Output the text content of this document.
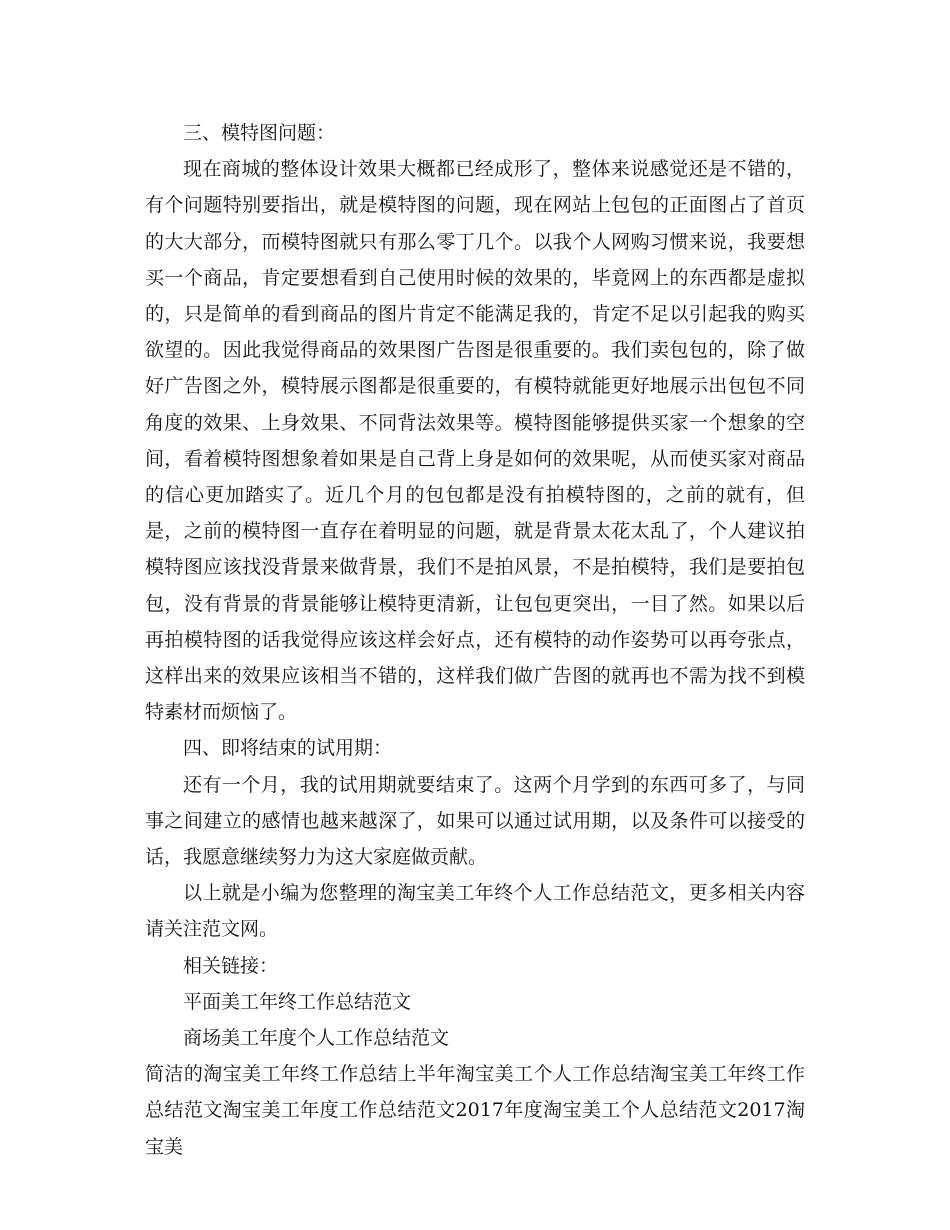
三、模特图问题：

现在商城的整体设计效果大概都已经成形了，整体来说感觉还是不错的，有个问题特别要指出，就是模特图的问题，现在网站上包包的正面图占了首页的大大部分，而模特图就只有那么零丁几个。以我个人网购习惯来说，我要想买一个商品，肯定要想看到自己使用时候的效果的，毕竟网上的东西都是虚拟的，只是简单的看到商品的图片肯定不能满足我的，肯定不足以引起我的购买欲望的。因此我觉得商品的效果图广告图是很重要的。我们卖包包的，除了做好广告图之外，模特展示图都是很重要的，有模特就能更好地展示出包包不同角度的效果、上身效果、不同背法效果等。模特图能够提供买家一个想象的空间，看着模特图想象着如果是自己背上身是如何的效果呢，从而使买家对商品的信心更加踏实了。近几个月的包包都是没有拍模特图的，之前的就有，但是，之前的模特图一直存在着明显的问题，就是背景太花太乱了，个人建议拍模特图应该找没背景来做背景，我们不是拍风景，不是拍模特，我们是要拍包包，没有背景的背景能够让模特更清新，让包包更突出，一目了然。如果以后再拍模特图的话我觉得应该这样会好点，还有模特的动作姿势可以再夸张点，这样出来的效果应该相当不错的，这样我们做广告图的就再也不需为找不到模特素材而烦恼了。

四、即将结束的试用期：

还有一个月，我的试用期就要结束了。这两个月学到的东西可多了，与同事之间建立的感情也越来越深了，如果可以通过试用期，以及条件可以接受的话，我愿意继续努力为这大家庭做贡献。

以上就是小编为您整理的淘宝美工年终个人工作总结范文，更多相关内容请关注范文网。

相关链接：

平面美工年终工作总结范文

商场美工年度个人工作总结范文

简洁的淘宝美工年终工作总结上半年淘宝美工个人工作总结淘宝美工年终工作总结范文淘宝美工年度工作总结范文2017年度淘宝美工个人总结范文2017淘宝美
